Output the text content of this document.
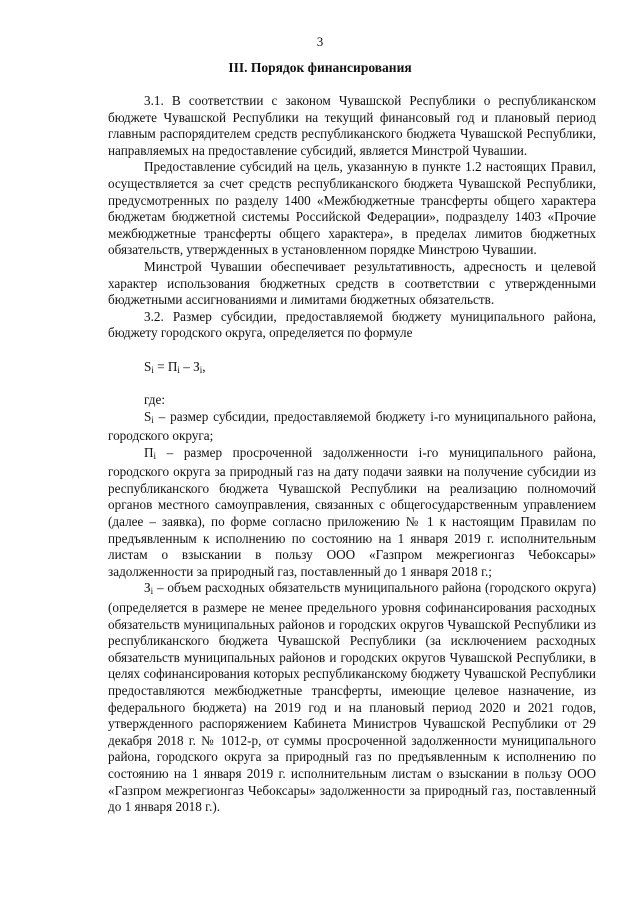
3
III. Порядок финансирования

3.1. В соответствии с законом Чувашской Республики о республиканском бюджете Чувашской Республики на текущий финансовый год и плановый период главным распорядителем средств республиканского бюджета Чувашской Республики, направляемых на предоставление субсидий, является Минстрой Чувашии.

Предоставление субсидий на цель, указанную в пункте 1.2 настоящих Правил, осуществляется за счет средств республиканского бюджета Чувашской Республики, предусмотренных по разделу 1400 «Межбюджетные трансферты общего характера бюджетам бюджетной системы Российской Федерации», подразделу 1403 «Прочие межбюджетные трансферты общего характера», в пределах лимитов бюджетных обязательств, утвержденных в установленном порядке Минстрою Чувашии.

Минстрой Чувашии обеспечивает результативность, адресность и целевой характер использования бюджетных средств в соответствии с утвержденными бюджетными ассигнованиями и лимитами бюджетных обязательств.

3.2. Размер субсидии, предоставляемой бюджету муниципального района, бюджету городского округа, определяется по формуле

$S_i = П_i - З_i$,
где:

$S_i$ – размер субсидии, предоставляемой бюджету i-го муниципального района, городского округа;

$П_i$ – размер просроченной задолженности i-го муниципального района, городского округа за природный газ на дату подачи заявки на получение субсидии из республиканского бюджета Чувашской Республики на реализацию полномочий органов местного самоуправления, связанных с общегосударственным управлением (далее – заявка), по форме согласно приложению № 1 к настоящим Правилам по предъявленным к исполнению по состоянию на 1 января 2019 г. исполнительным листам о взыскании в пользу ООО «Газпром межрегионгаз Чебоксары» задолженности за природный газ, поставленный до 1 января 2018 г.;

$З_i$ – объем расходных обязательств муниципального района (городского округа) (определяется в размере не менее предельного уровня софинансирования расходных обязательств муниципальных районов и городских округов Чувашской Республики из республиканского бюджета Чувашской Республики (за исключением расходных обязательств муниципальных районов и городских округов Чувашской Республики, в целях софинансирования которых республиканскому бюджету Чувашской Республики предоставляются межбюджетные трансферты, имеющие целевое назначение, из федерального бюджета) на 2019 год и на плановый период 2020 и 2021 годов, утвержденного распоряжением Кабинета Министров Чувашской Республики от 29 декабря 2018 г. № 1012-р, от суммы просроченной задолженности муниципального района, городского округа за природный газ по предъявленным к исполнению по состоянию на 1 января 2019 г. исполнительным листам о взыскании в пользу ООО «Газпром межрегионгаз Чебоксары» задолженности за природный газ, поставленный до 1 января 2018 г.).
